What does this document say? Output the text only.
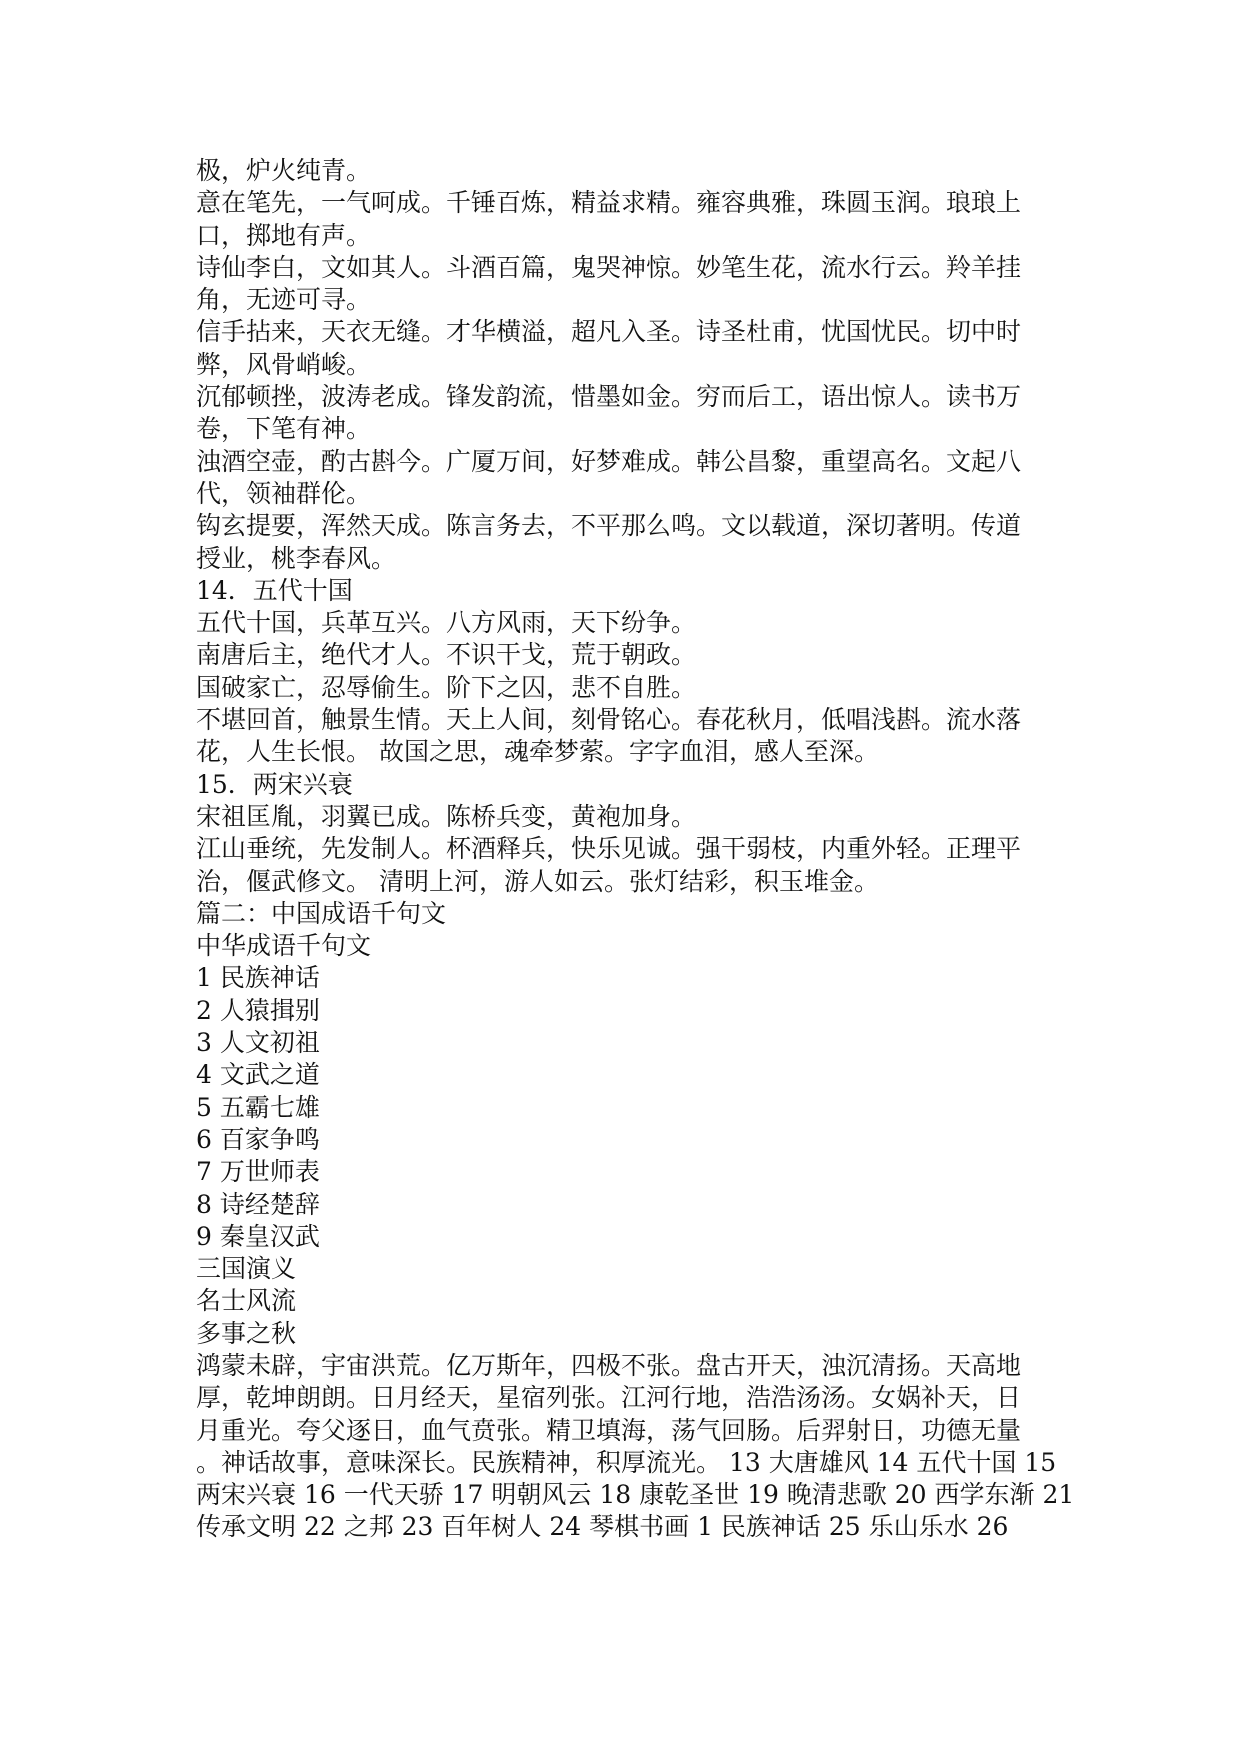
极，炉火纯青。
意在笔先，一气呵成。千锤百炼，精益求精。雍容典雅，珠圆玉润。琅琅上
口，掷地有声。
诗仙李白，文如其人。斗酒百篇，鬼哭神惊。妙笔生花，流水行云。羚羊挂
角，无迹可寻。
信手拈来，天衣无缝。才华横溢，超凡入圣。诗圣杜甫，忧国忧民。切中时
弊，风骨峭峻。
沉郁顿挫，波涛老成。锋发韵流，惜墨如金。穷而后工，语出惊人。读书万
卷，下笔有神。
浊酒空壶，酌古斟今。广厦万间，好梦难成。韩公昌黎，重望高名。文起八
代，领袖群伦。
钩玄提要，浑然天成。陈言务去，不平那么鸣。文以载道，深切著明。传道
授业，桃李春风。
14．五代十国
五代十国，兵革互兴。八方风雨，天下纷争。
南唐后主，绝代才人。不识干戈，荒于朝政。
国破家亡，忍辱偷生。阶下之囚，悲不自胜。
不堪回首，触景生情。天上人间，刻骨铭心。春花秋月，低唱浅斟。流水落
花，人生长恨。 故国之思，魂牵梦萦。字字血泪，感人至深。
15．两宋兴衰
宋祖匡胤，羽翼已成。陈桥兵变，黄袍加身。
江山垂统，先发制人。杯酒释兵，快乐见诚。强干弱枝，内重外轻。正理平
治，偃武修文。 清明上河，游人如云。张灯结彩，积玉堆金。
篇二：中国成语千句文
中华成语千句文
1 民族神话
2 人猿揖别
3 人文初祖
4 文武之道
5 五霸七雄
6 百家争鸣
7 万世师表
8 诗经楚辞
9 秦皇汉武
三国演义
名士风流
多事之秋
鸿蒙未辟，宇宙洪荒。亿万斯年，四极不张。盘古开天，浊沉清扬。天高地
厚，乾坤朗朗。日月经天，星宿列张。江河行地，浩浩汤汤。女娲补天，日
月重光。夸父逐日，血气贲张。精卫填海，荡气回肠。后羿射日，功德无量
。神话故事，意味深长。民族精神，积厚流光。 13 大唐雄风 14 五代十国 15
两宋兴衰 16 一代天骄 17 明朝风云 18 康乾圣世 19 晚清悲歌 20 西学东渐 21
传承文明 22 之邦 23 百年树人 24 琴棋书画 1 民族神话 25 乐山乐水 26
